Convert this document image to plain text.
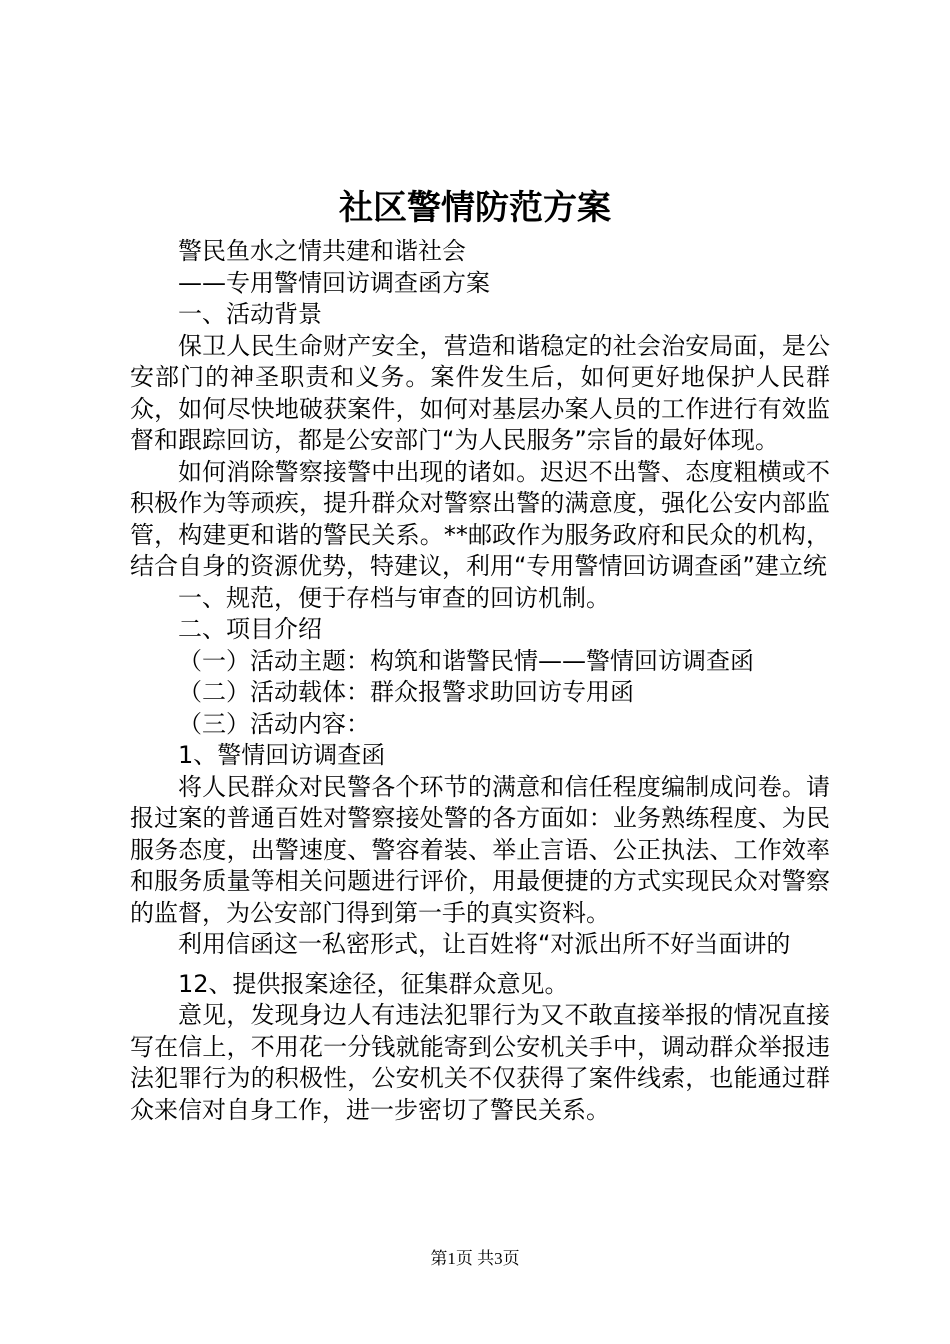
社区警情防范方案

警民鱼水之情共建和谐社会

——专用警情回访调查函方案

一、活动背景

保卫人民生命财产安全，营造和谐稳定的社会治安局面，是公安部门的神圣职责和义务。案件发生后，如何更好地保护人民群众，如何尽快地破获案件，如何对基层办案人员的工作进行有效监督和跟踪回访，都是公安部门“为人民服务”宗旨的最好体现。

如何消除警察接警中出现的诸如。迟迟不出警、态度粗横或不积极作为等顽疾，提升群众对警察出警的满意度，强化公安内部监管，构建更和谐的警民关系。**邮政作为服务政府和民众的机构，结合自身的资源优势，特建议，利用“专用警情回访调查函”建立统

一、规范，便于存档与审查的回访机制。

二、项目介绍

（一）活动主题：构筑和谐警民情——警情回访调查函

（二）活动载体：群众报警求助回访专用函

（三）活动内容：

1、警情回访调查函

将人民群众对民警各个环节的满意和信任程度编制成问卷。请报过案的普通百姓对警察接处警的各方面如：业务熟练程度、为民服务态度，出警速度、警容着装、举止言语、公正执法、工作效率和服务质量等相关问题进行评价，用最便捷的方式实现民众对警察的监督，为公安部门得到第一手的真实资料。

利用信函这一私密形式，让百姓将“对派出所不好当面讲的

12、提供报案途径，征集群众意见。

意见，发现身边人有违法犯罪行为又不敢直接举报的情况直接写在信上，不用花一分钱就能寄到公安机关手中，调动群众举报违法犯罪行为的积极性，公安机关不仅获得了案件线索，也能通过群众来信对自身工作，进一步密切了警民关系。

第1页 共3页
